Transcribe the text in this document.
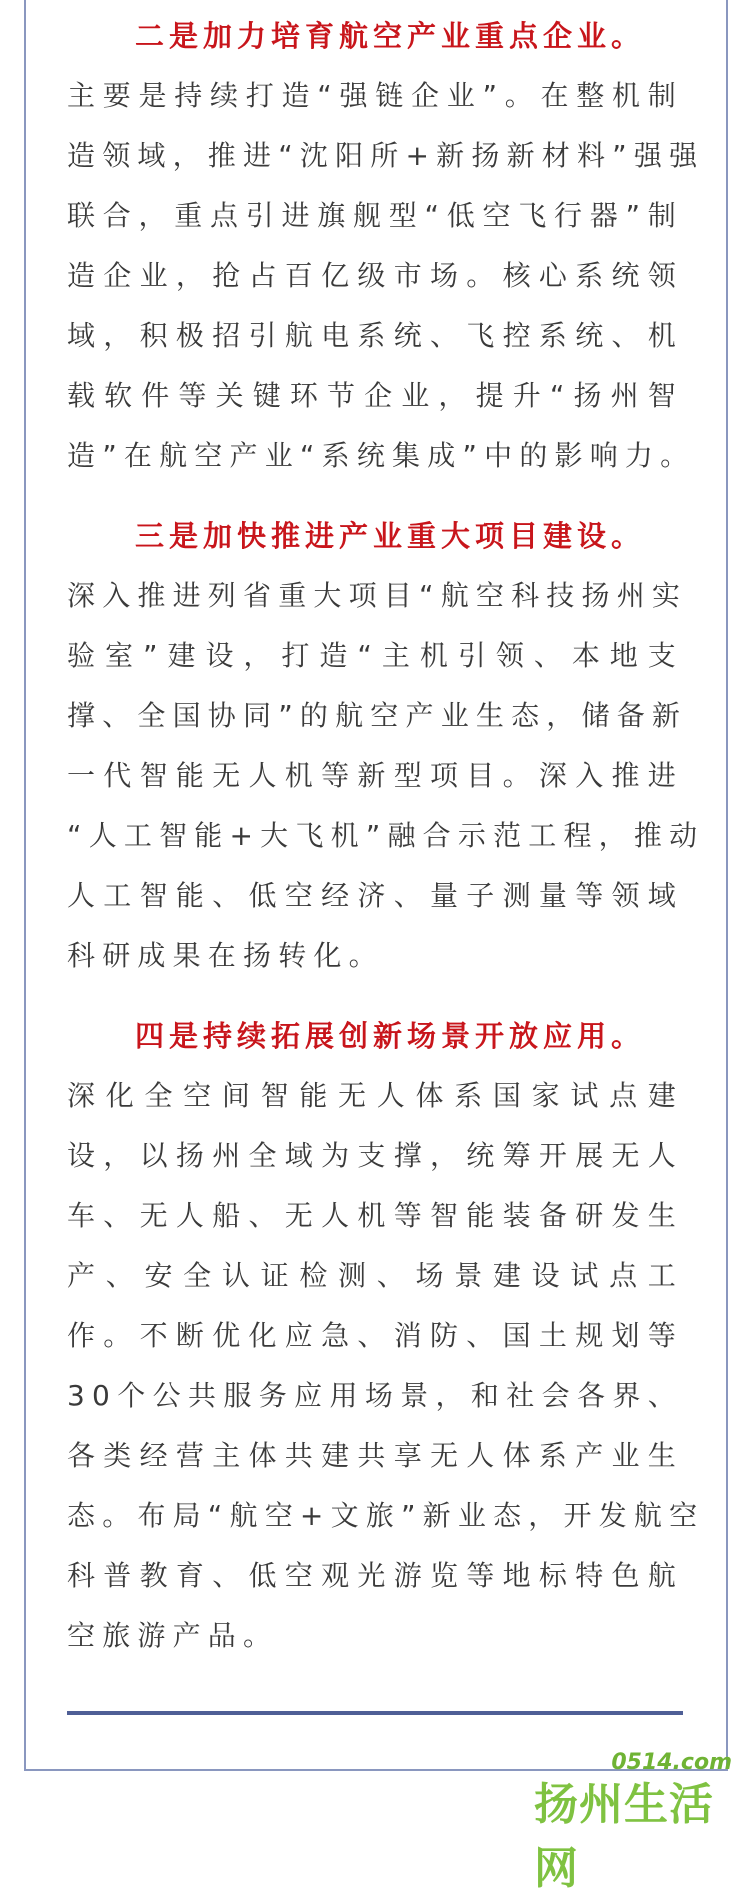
二是加力培育航空产业重点企业。
主要是持续打造“强链企业”。在整机制
造领域，推进“沈阳所+新扬新材料”强强
联合，重点引进旗舰型“低空飞行器”制
造企业，抢占百亿级市场。核心系统领
域，积极招引航电系统、飞控系统、机
载软件等关键环节企业，提升“扬州智
造”在航空产业“系统集成”中的影响力。
三是加快推进产业重大项目建设。
深入推进列省重大项目“航空科技扬州实
验室”建设，打造“主机引领、本地支
撑、全国协同”的航空产业生态，储备新
一代智能无人机等新型项目。深入推进
“人工智能+大飞机”融合示范工程，推动
人工智能、低空经济、量子测量等领域
科研成果在扬转化。
四是持续拓展创新场景开放应用。
深化全空间智能无人体系国家试点建
设，以扬州全域为支撑，统筹开展无人
车、无人船、无人机等智能装备研发生
产、安全认证检测、场景建设试点工
作。不断优化应急、消防、国土规划等
30个公共服务应用场景，和社会各界、
各类经营主体共建共享无人体系产业生
态。布局“航空+文旅”新业态，开发航空
科普教育、低空观光游览等地标特色航
空旅游产品。
0514.com
扬州生活网
